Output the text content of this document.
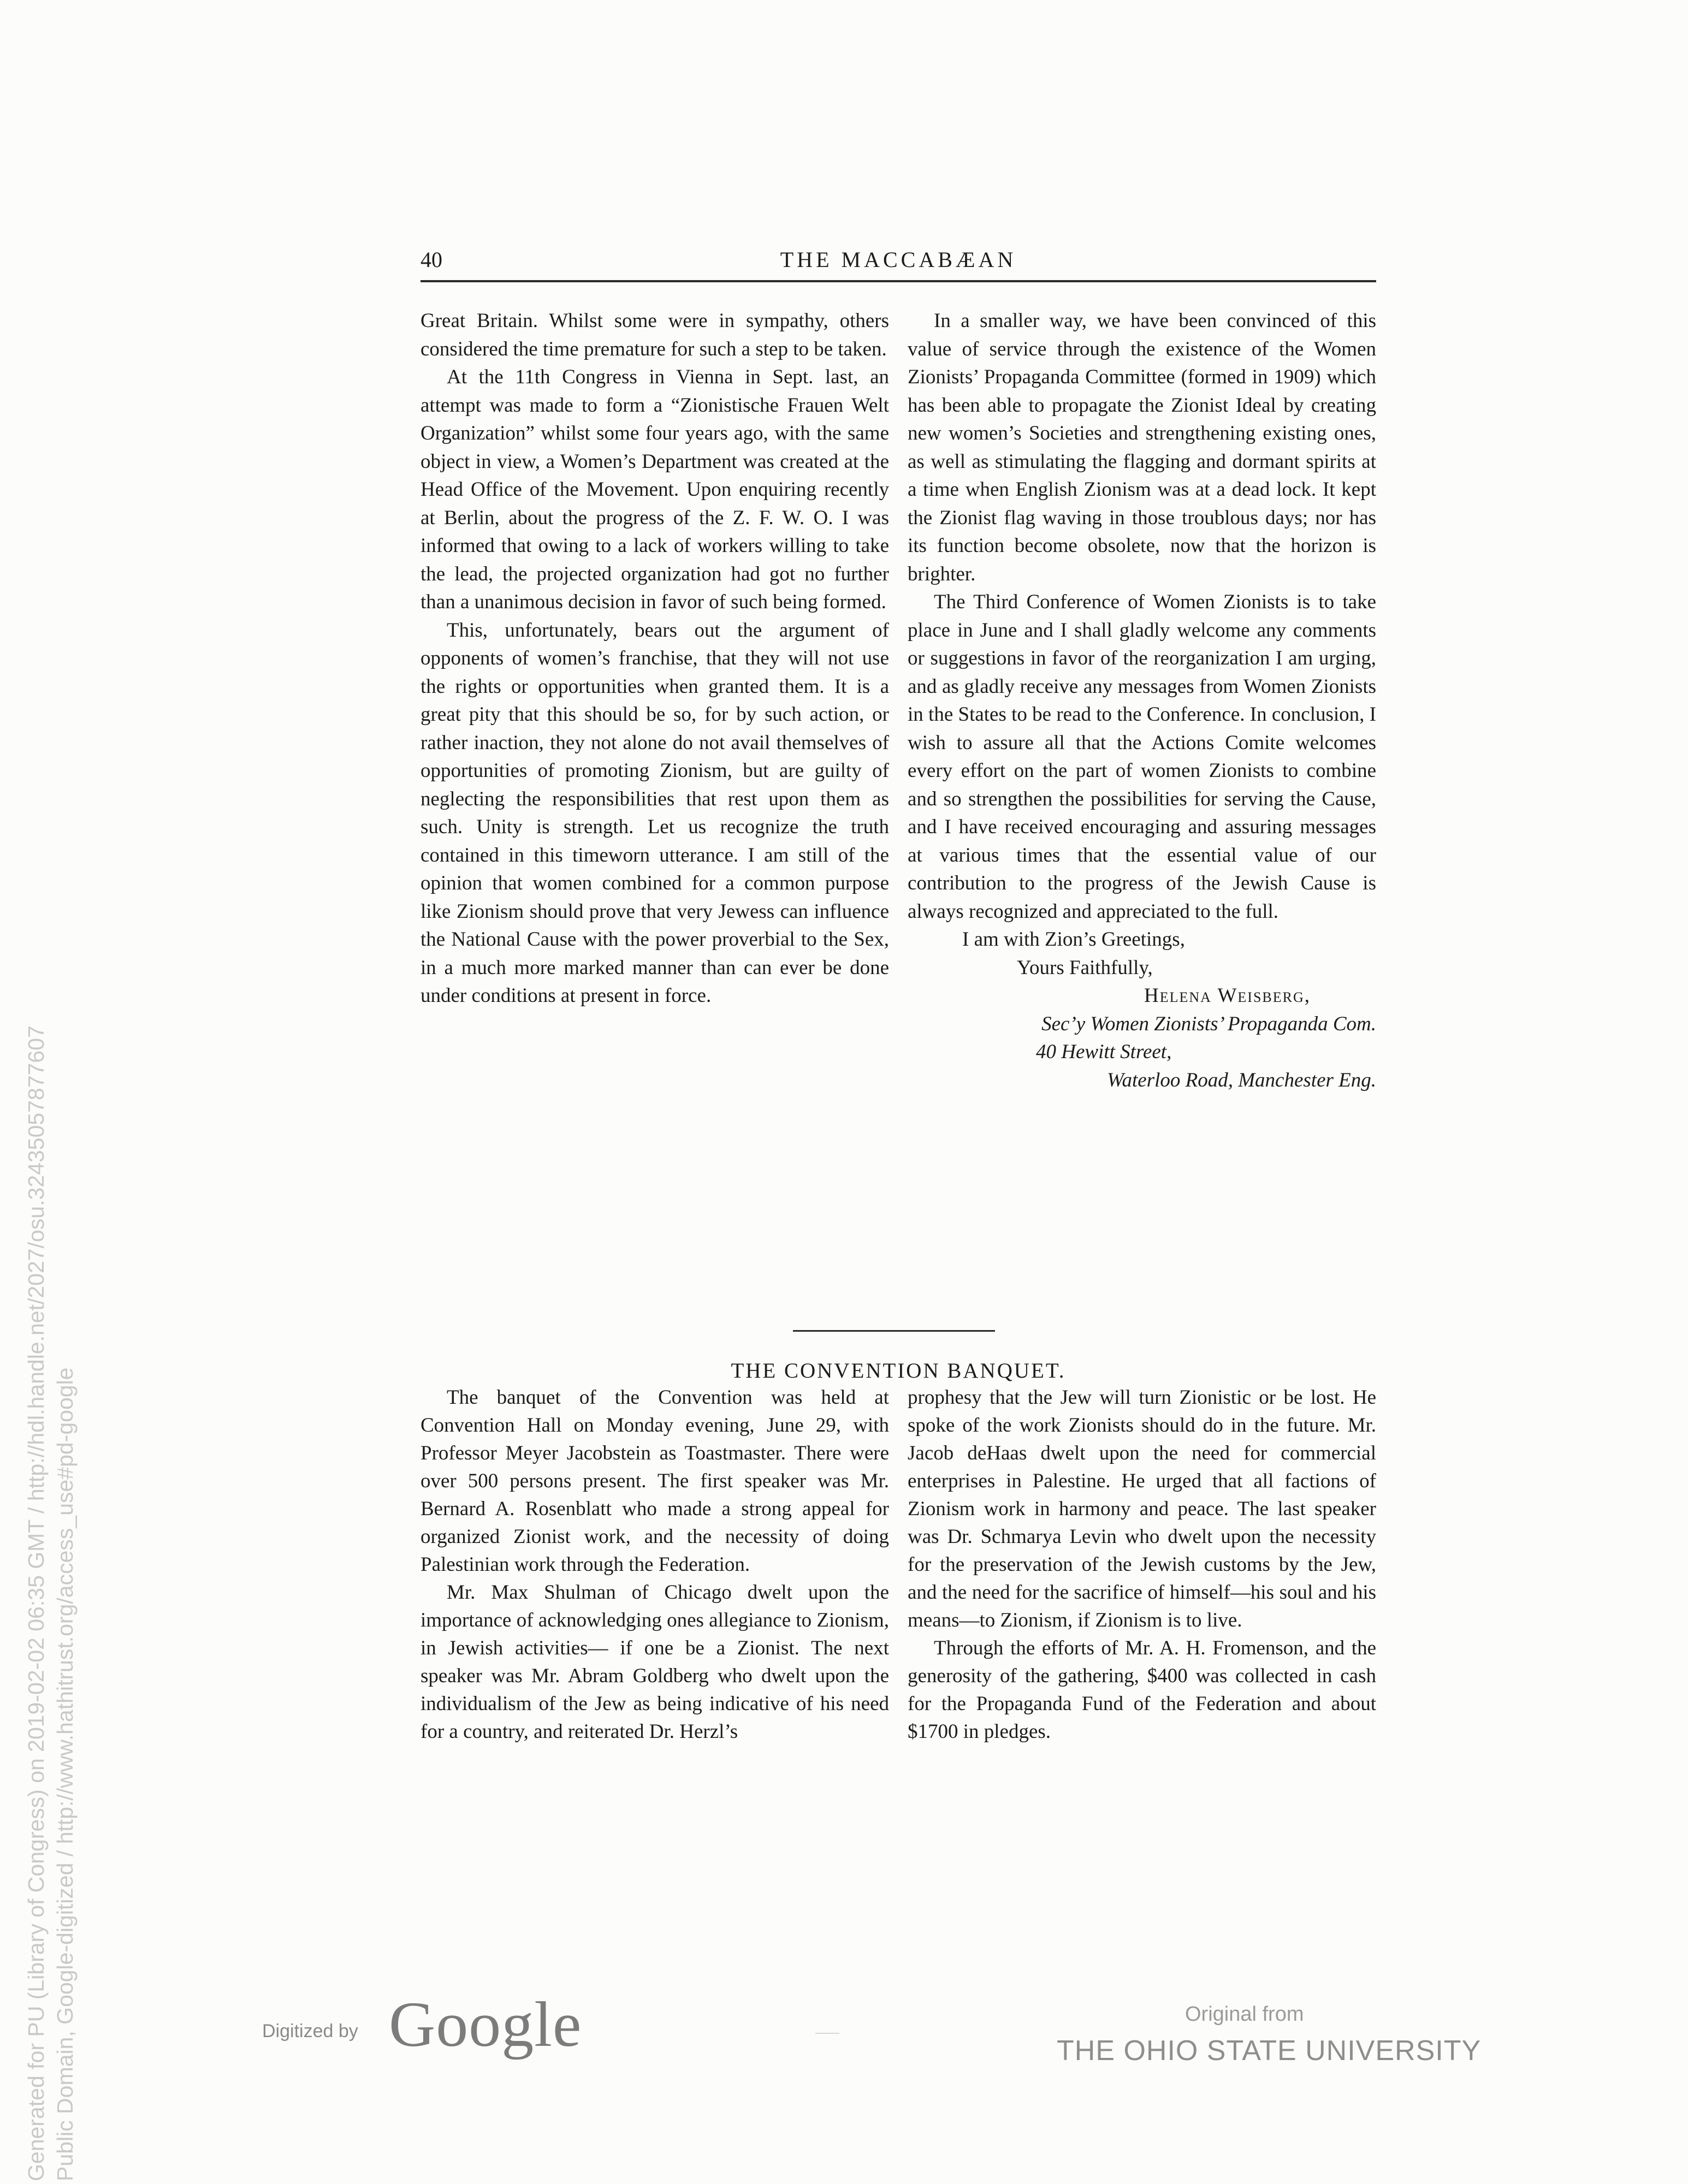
40	THE MACCABÆAN

Great Britain. Whilst some were in sympathy, others considered the time premature for such a step to be taken.

At the 11th Congress in Vienna in Sept. last, an attempt was made to form a “Zionistische Frauen Welt Organization” whilst some four years ago, with the same object in view, a Women’s Department was created at the Head Office of the Movement. Upon enquiring recently at Berlin, about the progress of the Z. F. W. O. I was informed that owing to a lack of workers willing to take the lead, the projected organization had got no further than a unanimous decision in favor of such being formed.

This, unfortunately, bears out the argument of opponents of women’s franchise, that they will not use the rights or opportunities when granted them. It is a great pity that this should be so, for by such action, or rather inaction, they not alone do not avail themselves of opportunities of promoting Zionism, but are guilty of neglecting the responsibilities that rest upon them as such. Unity is strength. Let us recognize the truth contained in this timeworn utterance. I am still of the opinion that women combined for a common purpose like Zionism should prove that very Jewess can influence the National Cause with the power proverbial to the Sex, in a much more marked manner than can ever be done under conditions at present in force.

In a smaller way, we have been convinced of this value of service through the existence of the Women Zionists’ Propaganda Committee (formed in 1909) which has been able to propagate the Zionist Ideal by creating new women’s Societies and strengthening existing ones, as well as stimulating the flagging and dormant spirits at a time when English Zionism was at a dead lock. It kept the Zionist flag waving in those troublous days; nor has its function become obsolete, now that the horizon is brighter.

The Third Conference of Women Zionists is to take place in June and I shall gladly welcome any comments or suggestions in favor of the reorganization I am urging, and as gladly receive any messages from Women Zionists in the States to be read to the Conference. In conclusion, I wish to assure all that the Actions Comite welcomes every effort on the part of women Zionists to combine and so strengthen the possibilities for serving the Cause, and I have received encouraging and assuring messages at various times that the essential value of our contribution to the progress of the Jewish Cause is always recognized and appreciated to the full.

I am with Zion’s Greetings,
Yours Faithfully,
Helena Weisberg,
Sec’y Women Zionists’ Propaganda Com.
40 Hewitt Street,
Waterloo Road, Manchester Eng.
THE CONVENTION BANQUET.

The banquet of the Convention was held at Convention Hall on Monday evening, June 29, with Professor Meyer Jacobstein as Toastmaster. There were over 500 persons present. The first speaker was Mr. Bernard A. Rosenblatt who made a strong appeal for organized Zionist work, and the necessity of doing Palestinian work through the Federation.

Mr. Max Shulman of Chicago dwelt upon the importance of acknowledging ones allegiance to Zionism, in Jewish activities— if one be a Zionist. The next speaker was Mr. Abram Goldberg who dwelt upon the individualism of the Jew as being indicative of his need for a country, and reiterated Dr. Herzl’s

prophesy that the Jew will turn Zionistic or be lost. He spoke of the work Zionists should do in the future. Mr. Jacob deHaas dwelt upon the need for commercial enterprises in Palestine. He urged that all factions of Zionism work in harmony and peace. The last speaker was Dr. Schmarya Levin who dwelt upon the necessity for the preservation of the Jewish customs by the Jew, and the need for the sacrifice of himself—his soul and his means—to Zionism, if Zionism is to live.

Through the efforts of Mr. A. H. Fromenson, and the generosity of the gathering, $400 was collected in cash for the Propaganda Fund of the Federation and about $1700 in pledges.

Digitized by Google	Original from
THE OHIO STATE UNIVERSITY
Generated for PU (Library of Congress) on 2019-02-02 06:35 GMT / http://hdl.handle.net/2027/osu.32435057877607 Public Domain, Google-digitized / http://www.hathitrust.org/access_use#pd-google
